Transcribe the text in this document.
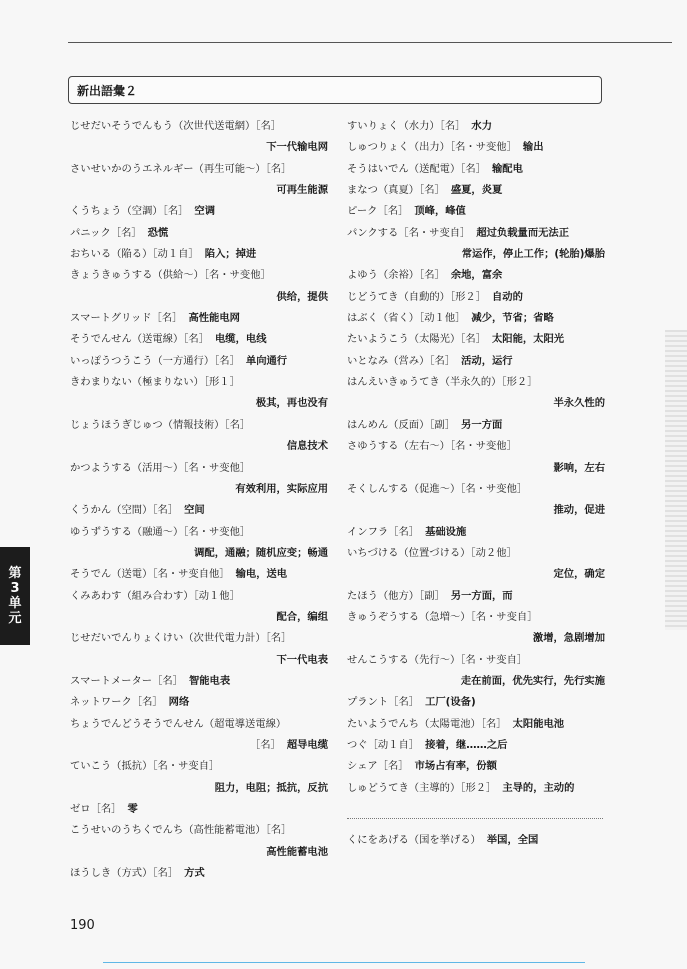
新出語彙２
じせだいそうでんもう（次世代送電網）［名］
下一代输电网
さいせいかのうエネルギー（再生可能～）［名］
可再生能源
くうちょう（空調）［名］ 空调
パニック［名］ 恐慌
おちいる（陥る）［动１自］ 陷入；掉进
きょうきゅうする（供給～）［名・サ变他］
供给，提供
スマートグリッド［名］ 高性能电网
そうでんせん（送電線）［名］ 电缆，电线
いっぽうつうこう（一方通行）［名］ 单向通行
きわまりない（極まりない）［形１］
极其，再也没有
じょうほうぎじゅつ（情報技術）［名］
信息技术
かつようする（活用～）［名・サ变他］
有效利用，实际应用
くうかん（空間）［名］ 空间
ゆうずうする（融通～）［名・サ变他］
调配，通融；随机应变；畅通
そうでん（送電）［名・サ变自他］ 输电，送电
くみあわす（組み合わす）［动１他］
配合，编组
じせだいでんりょくけい（次世代電力計）［名］
下一代电表
スマートメーター［名］ 智能电表
ネットワーク［名］ 网络
ちょうでんどうそうでんせん（超電導送電線）
［名］ 超导电缆
ていこう（抵抗）［名・サ变自］
阻力，电阻；抵抗，反抗
ゼロ［名］ 零
こうせいのうちくでんち（高性能蓄電池）［名］
高性能蓄电池
ほうしき（方式）［名］ 方式
すいりょく（水力）［名］ 水力
しゅつりょく（出力）［名・サ变他］ 输出
そうはいでん（送配電）［名］ 输配电
まなつ（真夏）［名］ 盛夏，炎夏
ピーク［名］ 顶峰，峰值
パンクする［名・サ变自］ 超过负载量而无法正
常运作，停止工作；(轮胎)爆胎
よゆう（余裕）［名］ 余地，富余
じどうてき（自動的）［形２］ 自动的
はぶく（省く）［动１他］ 减少，节省；省略
たいようこう（太陽光）［名］ 太阳能，太阳光
いとなみ（営み）［名］ 活动，运行
はんえいきゅうてき（半永久的）［形２］
半永久性的
はんめん（反面）［副］ 另一方面
さゆうする（左右～）［名・サ变他］
影响，左右
そくしんする（促進～）［名・サ变他］
推动，促进
インフラ［名］ 基础设施
いちづける（位置づける）［动２他］
定位，确定
たほう（他方）［副］ 另一方面，而
きゅうぞうする（急増～）［名・サ变自］
激增，急剧增加
せんこうする（先行～）［名・サ变自］
走在前面，优先实行，先行实施
プラント［名］ 工厂(设备)
たいようでんち（太陽電池）［名］ 太阳能电池
つぐ［动１自］ 接着，继……之后
シェア［名］ 市场占有率，份额
しゅどうてき（主導的）［形２］ 主导的，主动的
くにをあげる（国を挙げる） 举国，全国
第
3
单
元
190
